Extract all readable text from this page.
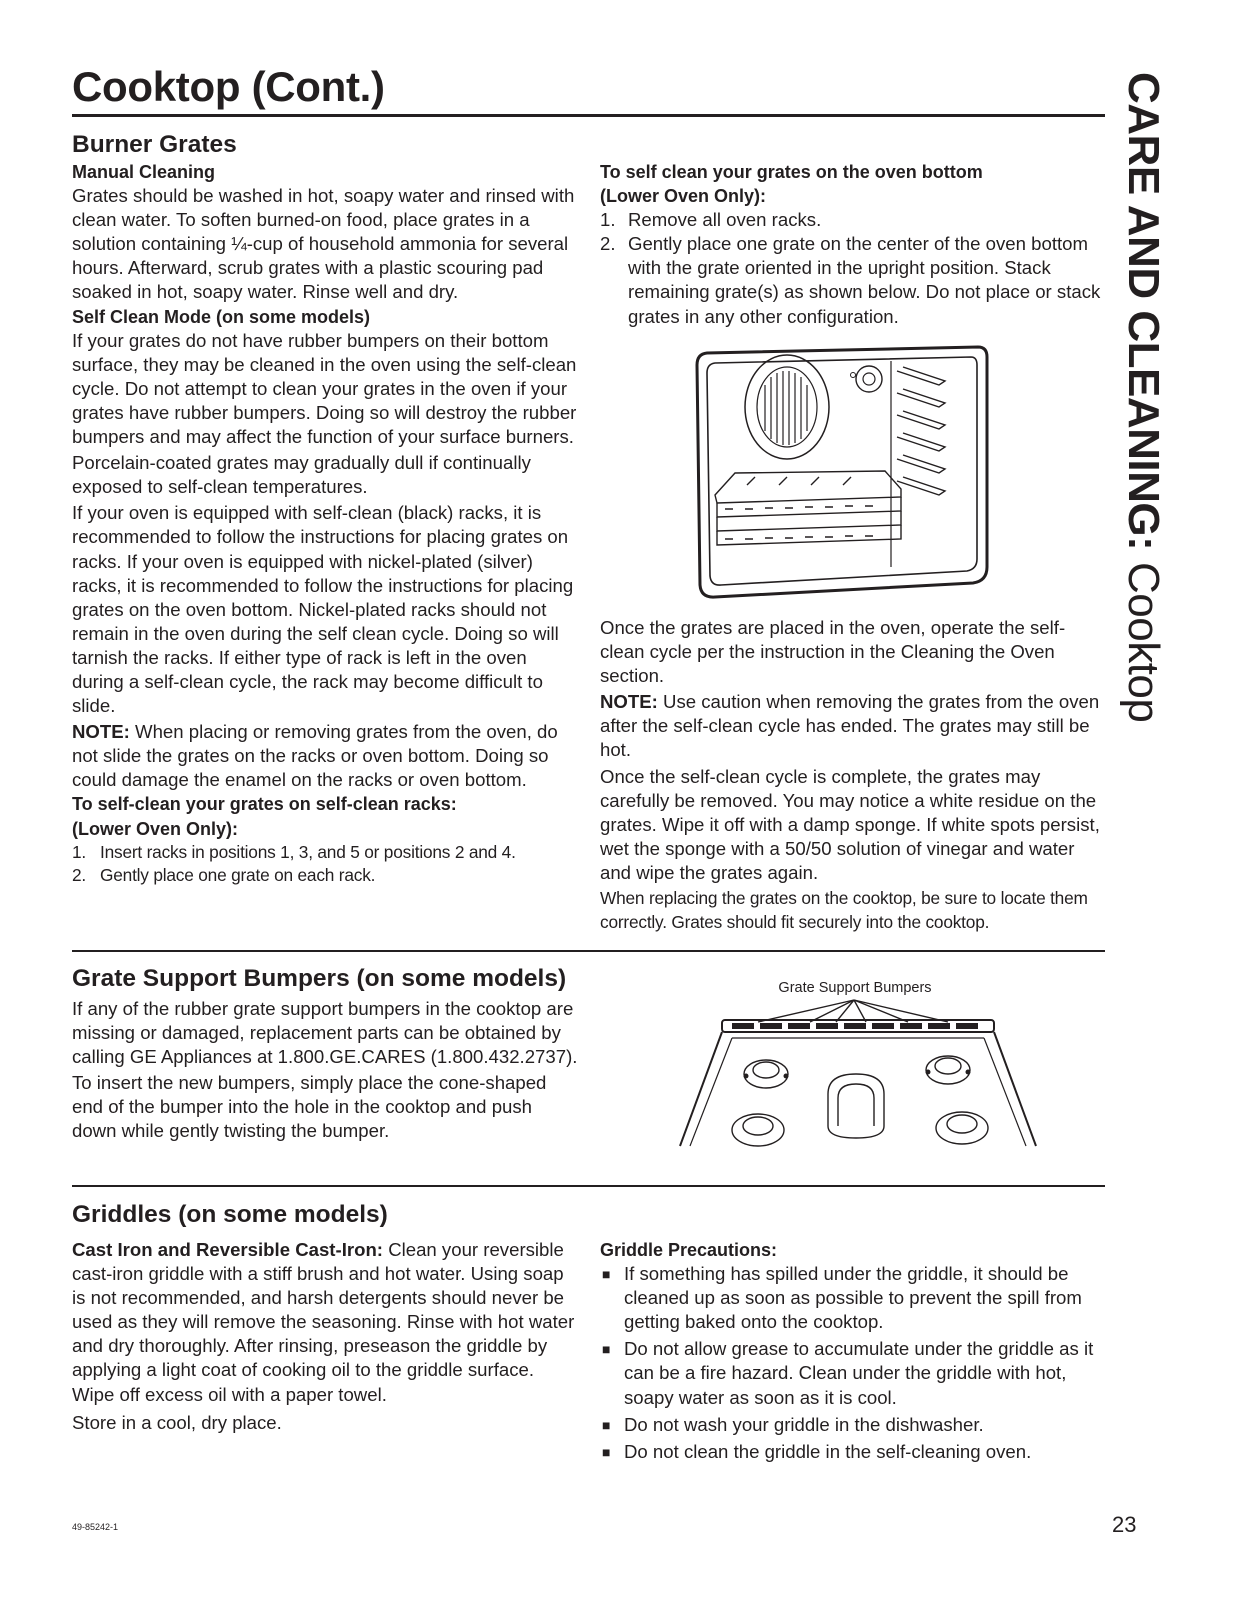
Cooktop (Cont.)	CARE AND CLEANING: Cooktop
Burner Grates

Manual Cleaning

Grates should be washed in hot, soapy water and rinsed with clean water. To soften burned-on food, place grates in a solution containing ¼-cup of household ammonia for several hours. Afterward, scrub grates with a plastic scouring pad soaked in hot, soapy water. Rinse well and dry.

Self Clean Mode (on some models)

If your grates do not have rubber bumpers on their bottom surface, they may be cleaned in the oven using the self-clean cycle. Do not attempt to clean your grates in the oven if your grates have rubber bumpers. Doing so will destroy the rubber bumpers and may affect the function of your surface burners.

Porcelain-coated grates may gradually dull if continually exposed to self-clean temperatures.

If your oven is equipped with self-clean (black) racks, it is recommended to follow the instructions for placing grates on racks. If your oven is equipped with nickel-plated (silver) racks, it is recommended to follow the instructions for placing grates on the oven bottom. Nickel-plated racks should not remain in the oven during the self clean cycle. Doing so will tarnish the racks. If either type of rack is left in the oven during a self-clean cycle, the rack may become difficult to slide.

NOTE: When placing or removing grates from the oven, do not slide the grates on the racks or oven bottom. Doing so could damage the enamel on the racks or oven bottom.

To self-clean your grates on self-clean racks:
(Lower Oven Only):

1. Insert racks in positions 1, 3, and 5 or positions 2 and 4.
2. Gently place one grate on each rack.

To self clean your grates on the oven bottom
(Lower Oven Only):

1. Remove all oven racks.
2. Gently place one grate on the center of the oven bottom with the grate oriented in the upright position. Stack remaining grate(s) as shown below. Do not place or stack grates in any other configuration.

Once the grates are placed in the oven, operate the self-clean cycle per the instruction in the Cleaning the Oven section.

NOTE: Use caution when removing the grates from the oven after the self-clean cycle has ended. The grates may still be hot.

Once the self-clean cycle is complete, the grates may carefully be removed. You may notice a white residue on the grates. Wipe it off with a damp sponge. If white spots persist, wet the sponge with a 50/50 solution of vinegar and water and wipe the grates again.

When replacing the grates on the cooktop, be sure to locate them correctly. Grates should fit securely into the cooktop.

Grate Support Bumpers (on some models)

If any of the rubber grate support bumpers in the cooktop are missing or damaged, replacement parts can be obtained by calling GE Appliances at 1.800.GE.CARES (1.800.432.2737).

To insert the new bumpers, simply place the cone-shaped end of the bumper into the hole in the cooktop and push down while gently twisting the bumper.

Grate Support Bumpers
Griddles (on some models)

Cast Iron and Reversible Cast-Iron: Clean your reversible cast-iron griddle with a stiff brush and hot water. Using soap is not recommended, and harsh detergents should never be used as they will remove the seasoning. Rinse with hot water and dry thoroughly. After rinsing, preseason the griddle by applying a light coat of cooking oil to the griddle surface. Wipe off excess oil with a paper towel.

Store in a cool, dry place.

Griddle Precautions:

■ If something has spilled under the griddle, it should be cleaned up as soon as possible to prevent the spill from getting baked onto the cooktop.
■ Do not allow grease to accumulate under the griddle as it can be a fire hazard. Clean under the griddle with hot, soapy water as soon as it is cool.
■ Do not wash your griddle in the dishwasher.
■ Do not clean the griddle in the self-cleaning oven.
49-85242-1	23
